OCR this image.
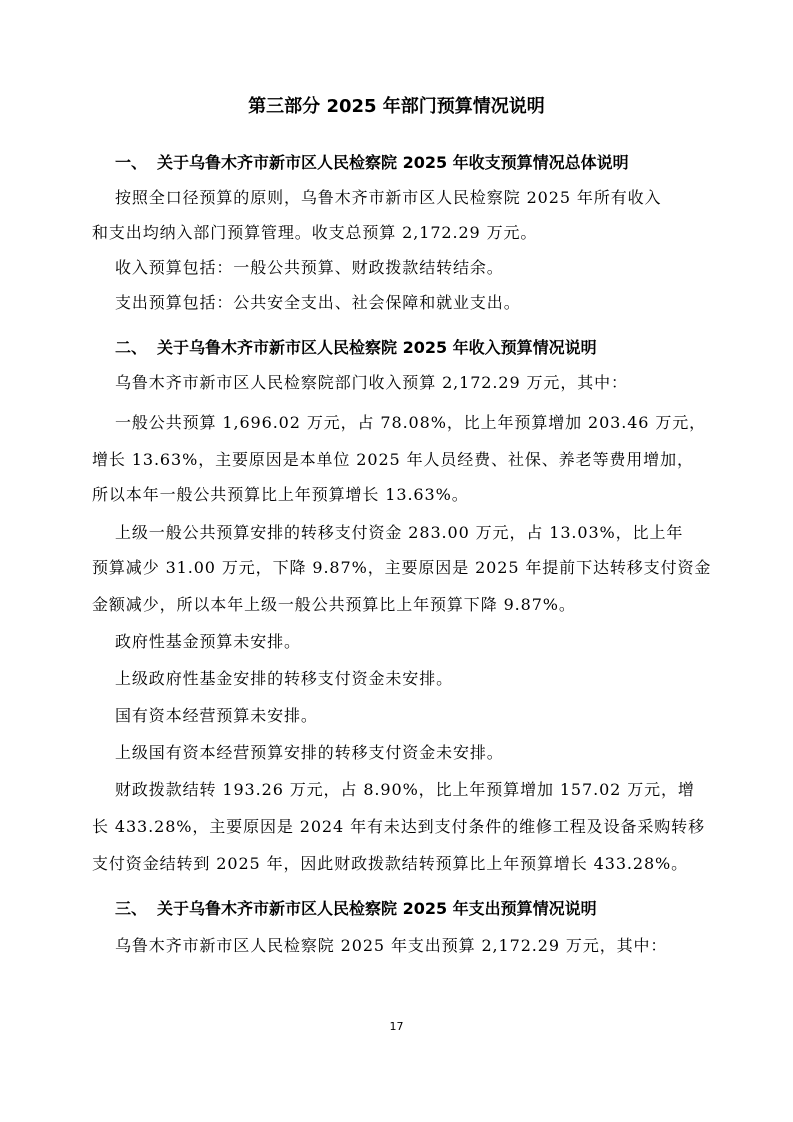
第三部分 2025 年部门预算情况说明
一、 关于乌鲁木齐市新市区人民检察院 2025 年收支预算情况总体说明
按照全口径预算的原则，乌鲁木齐市新市区人民检察院 2025 年所有收入
和支出均纳入部门预算管理。收支总预算 2,172.29 万元。
收入预算包括：一般公共预算、财政拨款结转结余。
支出预算包括：公共安全支出、社会保障和就业支出。
二、 关于乌鲁木齐市新市区人民检察院 2025 年收入预算情况说明
乌鲁木齐市新市区人民检察院部门收入预算 2,172.29 万元，其中：
一般公共预算 1,696.02 万元，占 78.08%，比上年预算增加 203.46 万元，
增长 13.63%，主要原因是本单位 2025 年人员经费、社保、养老等费用增加，
所以本年一般公共预算比上年预算增长 13.63%。
上级一般公共预算安排的转移支付资金 283.00 万元，占 13.03%，比上年
预算减少 31.00 万元，下降 9.87%，主要原因是 2025 年提前下达转移支付资金
金额减少，所以本年上级一般公共预算比上年预算下降 9.87%。
政府性基金预算未安排。
上级政府性基金安排的转移支付资金未安排。
国有资本经营预算未安排。
上级国有资本经营预算安排的转移支付资金未安排。
财政拨款结转 193.26 万元，占 8.90%，比上年预算增加 157.02 万元，增
长 433.28%，主要原因是 2024 年有未达到支付条件的维修工程及设备采购转移
支付资金结转到 2025 年，因此财政拨款结转预算比上年预算增长 433.28%。
三、 关于乌鲁木齐市新市区人民检察院 2025 年支出预算情况说明
乌鲁木齐市新市区人民检察院 2025 年支出预算 2,172.29 万元，其中：
17
